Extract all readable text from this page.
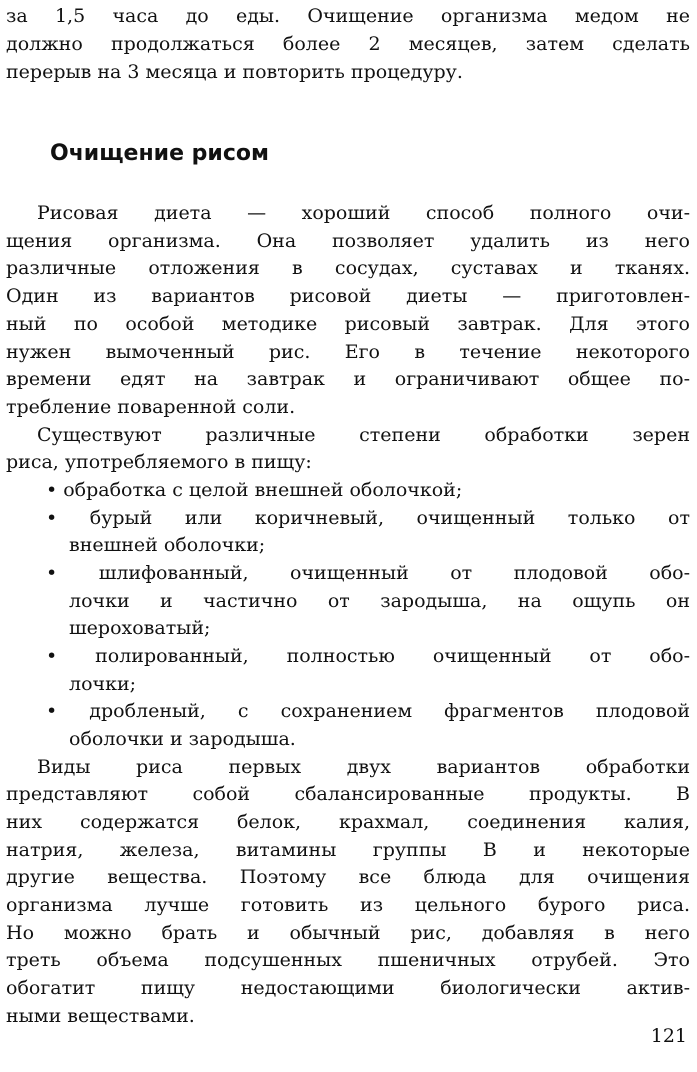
за 1,5 часа до еды. Очищение организма медом не
должно продолжаться более 2 месяцев, затем сделать
перерыв на 3 месяца и повторить процедуру.
Очищение рисом
Рисовая диета — хороший способ полного очи-
щения организма. Она позволяет удалить из него
различные отложения в сосудах, суставах и тканях.
Один из вариантов рисовой диеты — приготовлен-
ный по особой методике рисовый завтрак. Для этого
нужен вымоченный рис. Его в течение некоторого
времени едят на завтрак и ограничивают общее по-
требление поваренной соли.
Существуют различные степени обработки зерен
риса, употребляемого в пищу:
• обработка с целой внешней оболочкой;
• бурый или коричневый, очищенный только от
внешней оболочки;
• шлифованный, очищенный от плодовой обо-
лочки и частично от зародыша, на ощупь он
шероховатый;
• полированный, полностью очищенный от обо-
лочки;
• дробленый, с сохранением фрагментов плодовой
оболочки и зародыша.
Виды риса первых двух вариантов обработки
представляют собой сбалансированные продукты. В
них содержатся белок, крахмал, соединения калия,
натрия, железа, витамины группы В и некоторые
другие вещества. Поэтому все блюда для очищения
организма лучше готовить из цельного бурого риса.
Но можно брать и обычный рис, добавляя в него
треть объема подсушенных пшеничных отрубей. Это
обогатит пищу недостающими биологически актив-
ными веществами.
121
